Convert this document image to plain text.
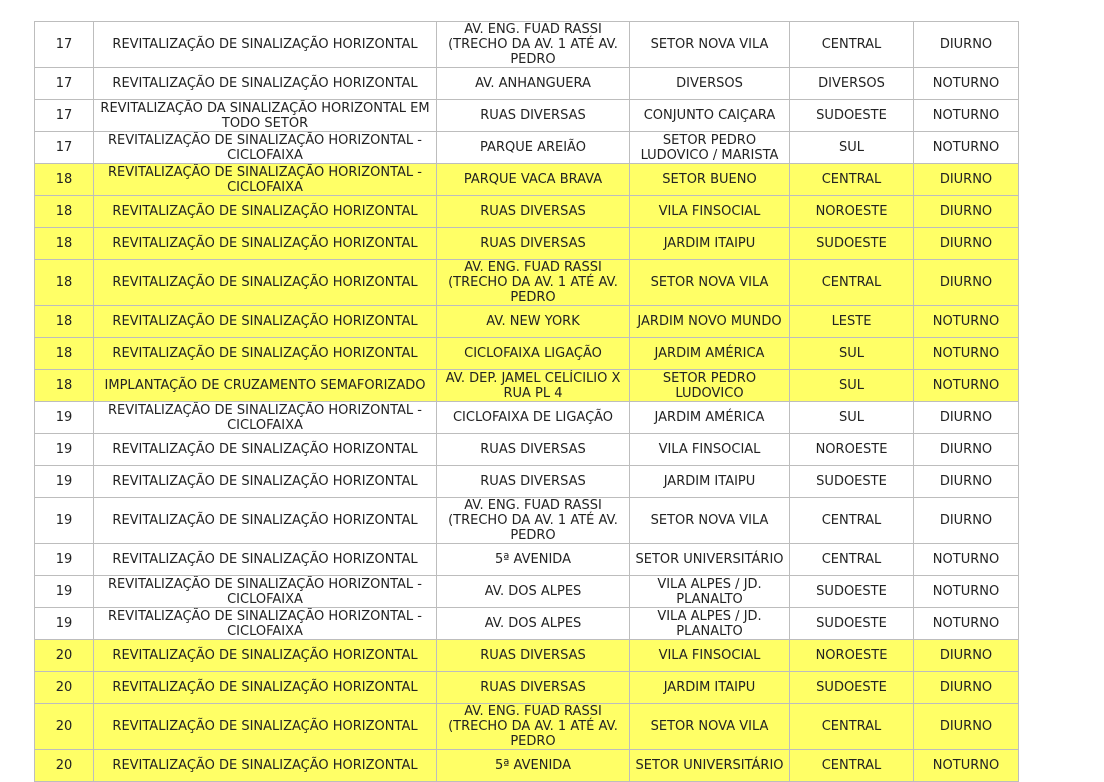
17	REVITALIZAÇÃO DE SINALIZAÇÃO HORIZONTAL	AV. ENG. FUAD RASSI (TRECHO DA AV. 1 ATÉ AV. PEDRO	SETOR NOVA VILA	CENTRAL	DIURNO
17	REVITALIZAÇÃO DE SINALIZAÇÃO HORIZONTAL	AV. ANHANGUERA	DIVERSOS	DIVERSOS	NOTURNO
17	REVITALIZAÇÃO DA SINALIZAÇÃO HORIZONTAL EM TODO SETOR	RUAS DIVERSAS	CONJUNTO CAIÇARA	SUDOESTE	NOTURNO
17	REVITALIZAÇÃO DE SINALIZAÇÃO HORIZONTAL - CICLOFAIXA	PARQUE AREIÃO	SETOR PEDRO LUDOVICO / MARISTA	SUL	NOTURNO
18	REVITALIZAÇÃO DE SINALIZAÇÃO HORIZONTAL - CICLOFAIXA	PARQUE VACA BRAVA	SETOR BUENO	CENTRAL	DIURNO
18	REVITALIZAÇÃO DE SINALIZAÇÃO HORIZONTAL	RUAS DIVERSAS	VILA FINSOCIAL	NOROESTE	DIURNO
18	REVITALIZAÇÃO DE SINALIZAÇÃO HORIZONTAL	RUAS DIVERSAS	JARDIM ITAIPU	SUDOESTE	DIURNO
18	REVITALIZAÇÃO DE SINALIZAÇÃO HORIZONTAL	AV. ENG. FUAD RASSI (TRECHO DA AV. 1 ATÉ AV. PEDRO	SETOR NOVA VILA	CENTRAL	DIURNO
18	REVITALIZAÇÃO DE SINALIZAÇÃO HORIZONTAL	AV. NEW YORK	JARDIM NOVO MUNDO	LESTE	NOTURNO
18	REVITALIZAÇÃO DE SINALIZAÇÃO HORIZONTAL	CICLOFAIXA LIGAÇÃO	JARDIM AMÉRICA	SUL	NOTURNO
18	IMPLANTAÇÃO DE CRUZAMENTO SEMAFORIZADO	AV. DEP. JAMEL CELÍCILIO X RUA PL 4	SETOR PEDRO LUDOVICO	SUL	NOTURNO
19	REVITALIZAÇÃO DE SINALIZAÇÃO HORIZONTAL - CICLOFAIXA	CICLOFAIXA DE LIGAÇÃO	JARDIM AMÉRICA	SUL	DIURNO
19	REVITALIZAÇÃO DE SINALIZAÇÃO HORIZONTAL	RUAS DIVERSAS	VILA FINSOCIAL	NOROESTE	DIURNO
19	REVITALIZAÇÃO DE SINALIZAÇÃO HORIZONTAL	RUAS DIVERSAS	JARDIM ITAIPU	SUDOESTE	DIURNO
19	REVITALIZAÇÃO DE SINALIZAÇÃO HORIZONTAL	AV. ENG. FUAD RASSI (TRECHO DA AV. 1 ATÉ AV. PEDRO	SETOR NOVA VILA	CENTRAL	DIURNO
19	REVITALIZAÇÃO DE SINALIZAÇÃO HORIZONTAL	5ª AVENIDA	SETOR UNIVERSITÁRIO	CENTRAL	NOTURNO
19	REVITALIZAÇÃO DE SINALIZAÇÃO HORIZONTAL - CICLOFAIXA	AV. DOS ALPES	VILA ALPES / JD. PLANALTO	SUDOESTE	NOTURNO
19	REVITALIZAÇÃO DE SINALIZAÇÃO HORIZONTAL - CICLOFAIXA	AV. DOS ALPES	VILA ALPES / JD. PLANALTO	SUDOESTE	NOTURNO
20	REVITALIZAÇÃO DE SINALIZAÇÃO HORIZONTAL	RUAS DIVERSAS	VILA FINSOCIAL	NOROESTE	DIURNO
20	REVITALIZAÇÃO DE SINALIZAÇÃO HORIZONTAL	RUAS DIVERSAS	JARDIM ITAIPU	SUDOESTE	DIURNO
20	REVITALIZAÇÃO DE SINALIZAÇÃO HORIZONTAL	AV. ENG. FUAD RASSI (TRECHO DA AV. 1 ATÉ AV. PEDRO	SETOR NOVA VILA	CENTRAL	DIURNO
20	REVITALIZAÇÃO DE SINALIZAÇÃO HORIZONTAL	5ª AVENIDA	SETOR UNIVERSITÁRIO	CENTRAL	NOTURNO
